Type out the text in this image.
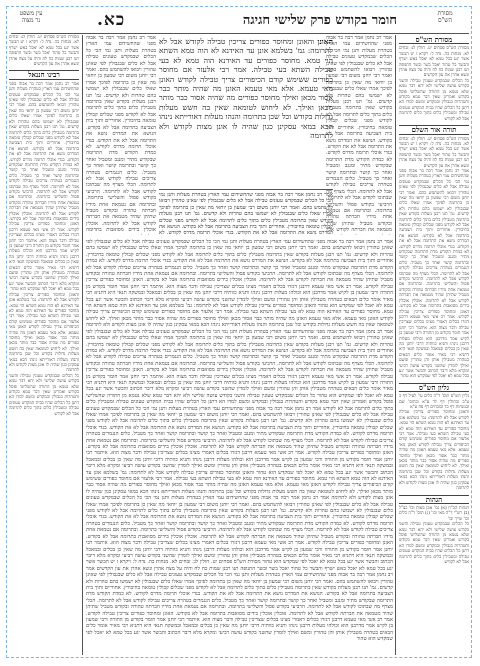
מסורת
הש"ס
עין משפט
נר מצוה	חומר בקודש פרק שלישי חגיגה
כא.
מסורת הש"ס
מסורת הש"ס פסחים יט. חולין לג: זבחים לא. מנחות כה. נדה ל: ויקרא ז יט הבשר אשר יגע בכל טמא לא יאכל באש ישרף והבשר כל טהור יאכל בשר ובשר התנופה תנו רבנן שמות כח לח והיה על מצח אהרן ונשא אהרן את עון הקדשים
כל הכלים שבמקדש טעונין טבילה והשני בקודש עושה שלישי ולא יהא דבר טמא שלא נטמא מן התורה שהשלישי פוסל בקודש ואמרינן שאין דבר טמא בקודש והטהרות בגבולין ובמקדש ומשם למדו הא דתנן כל הכלים שהיו בבית המקדש טעונים טבילה ומטבילין כלים בתוך כלים לתרומה אבל לא לקודש
תורה אור השלם
מסורת הש"ס פסחים יט. חולין לג: זבחים לא. מנחות כה. נדה ל: ויקרא ז יט הבשר אשר יגע בכל טמא לא יאכל באש ישרף והבשר כל טהור יאכל בשר ובשר התנופה תנו רבנן שמות כח לח והיה על מצח אהרן ונשא אהרן את עון הקדשים
אמר רב נחמן אמר רבה בר אבוה מפני שהחשידום עמי הארץ בטהרת מעלות ותנן נמי הכי כל הכלים שבמקדש טעונים טבילה אבל לא כלים שבגבולין לפי שאינן טהורין ויבואו להשתמש בהם. ואמר רבי יוחנן משום רבי שמעון בן יוחאי מה שאין כן בתרומה לפיכך אמרו שאלו כלים שבגבולין לא ישמשו בהם טהרות ולא קדשים. גמ' תנו רבנן מעלות בקודש שאין בתרומה מטבילין כלים בתוך כלים לתרומה אבל לא לקודש מפני שכלים קבולין טומאה בחיבורין. אחוריים ותוך בית הצביעה בתרומה אבל לא בקודש. הנושא את המדרס נושא את התרומה אבל לא את הקודש. בגדי אוכלי תרומה מדרס לקודש. לא כמדת הקודש מדת התרומה שבקודש מתיר ומנגב ומטביל ואחר כך קושר ובתרומה קושר ואחר כך מטביל. כלים הנגמרים בטהרה צריכים טבילה לקודש אבל לא לתרומה. הכלי מצרף מה שבתוכו לקודש אבל לא לתרומה. הרביעי בקודש פסול והשלישי בתרומה. ובתרומה אם נטמאת אחת מידיו חברתה טהורה ובקודש מטביל שתיהן שהיד מטמאה את חברתה לקודש אבל לא לתרומה. אוכלין אוכלין בידים מסואבות בתרומה אבל לא בקודש. האונן ומחוסר כפורים צריכין טבילה לקודש. אמר רב אשי מאי טעמא דרבנן דגזרו בכלים דאמרי מצינו בכלים שצריכין טבילה ודבר מצוה הוא. איתמר רבי יוחנן אמר חומר בקודש מן התורה ורבי שמעון בן לקיש אמר מדרבנן הוא וכולהו מעלות דרבנן נינהו ותניא כוותיה דרבי יוחנן מה שאין כן בכלים ובמאכל ובמשקה תנאי היא דתניא רבי מאיר אומר כלים הבאים בטהרה מטבילין אותן והן טהורין ומשם ואילך לומדין שהשני בקודש עושה רביעי ומקרא מלא דיבר הכתוב והבשר אשר יגע בכל טמא לא יאכל לפי שמקדש הוא טהור
גליון הש"ס
גליון הש"ס תוס' ד"ה כלים עי' לעיל דף כ ע"ב ובחולין דף לד ע"א ובתוס' שם ובמנחות דף כד ובזבחים דף פח ע"א
והאונן ומחוסר כפורים צריכין טבילה לקודש אבל לא לתרומה: גמ' בשלמא אונן עד האידנא לא הוה טמא השתא הוי טמא. מחוסר כפורים עד האידנא הוה טמא לא בעי טבילה השתא בעי טבילה. אמר רבי אלעזר אם מחוסר כפורים ששימש קודם הכיפורים צריך טבילה לקודש האונן מאי טעמא. אלא מאי טעמא האונן מה שהיה מותר כבר אסור מכאן ואילך מחוסר כפורים מה שהיה אסור כבר מותר מכאן ואילך. לא ליחוש לטומאה שאין בה חשש מעלות גדולות בקודש וכל שכן בתרומה והנהו מעלות דאורייתא נינהו הכא במאי עסקינן כגון שהיה לו אונן מצות לקודש ולא לתרומה
הגהות
הגהות הב"ח (א) גמ' אונן מצות וכו' כצ"ל (ב) רש"י ד"ה מאי וכו' (ג) תוס' ד"ה כלים וכו' שייך וכו'
כל הכלים שבמקדש טעונין טבילה והשני בקודש עושה שלישי ולא יהא דבר טמא שלא נטמא מן התורה שהשלישי פוסל בקודש ואמרינן שאין דבר טמא בקודש והטהרות בגבולין ובמקדש ומשם למדו הא דתנן כל הכלים שהיו בבית המקדש טעונים טבילה ומטבילין כלים בתוך כלים לתרומה אבל לא לקודש
מסורת הש"ס פסחים יט. חולין לג: זבחים לא. מנחות כה. נדה ל: ויקרא ז יט הבשר אשר יגע בכל טמא לא יאכל באש ישרף והבשר כל טהור יאכל בשר ובשר התנופה תנו רבנן שמות כח לח והיה על מצח אהרן ונשא אהרן את עון הקדשים
רבינו חננאל
אמר רב נחמן אמר רבה בר אבוה מפני שהחשידום עמי הארץ בטהרת מעלות ותנן נמי הכי כל הכלים שבמקדש טעונים טבילה אבל לא כלים שבגבולין לפי שאינן טהורין ויבואו להשתמש בהם. ואמר רבי יוחנן משום רבי שמעון בן יוחאי מה שאין כן בתרומה לפיכך אמרו שאלו כלים שבגבולין לא ישמשו בהם טהרות ולא קדשים. גמ' תנו רבנן מעלות בקודש שאין בתרומה מטבילין כלים בתוך כלים לתרומה אבל לא לקודש מפני שכלים קבולין טומאה בחיבורין. אחוריים ותוך בית הצביעה בתרומה אבל לא בקודש. הנושא את המדרס נושא את התרומה אבל לא את הקודש. בגדי אוכלי תרומה מדרס לקודש. לא כמדת הקודש מדת התרומה שבקודש מתיר ומנגב ומטביל ואחר כך קושר ובתרומה קושר ואחר כך מטביל. כלים הנגמרים בטהרה צריכים טבילה לקודש אבל לא לתרומה. הכלי מצרף מה שבתוכו לקודש אבל לא לתרומה. הרביעי בקודש פסול והשלישי בתרומה. ובתרומה אם נטמאת אחת מידיו חברתה טהורה ובקודש מטביל שתיהן שהיד מטמאה את חברתה לקודש אבל לא לתרומה. אוכלין אוכלין בידים מסואבות בתרומה אבל לא בקודש. האונן ומחוסר כפורים צריכין טבילה לקודש. אמר רב אשי מאי טעמא דרבנן דגזרו בכלים דאמרי מצינו בכלים שצריכין טבילה ודבר מצוה הוא. איתמר רבי יוחנן אמר חומר בקודש מן התורה ורבי שמעון בן לקיש אמר מדרבנן הוא וכולהו מעלות דרבנן נינהו ותניא כוותיה דרבי יוחנן מה שאין כן בכלים ובמאכל ובמשקה תנאי היא דתניא רבי מאיר אומר כלים הבאים בטהרה מטבילין אותן והן טהורין ומשם ואילך לומדין שהשני בקודש עושה רביעי ומקרא מלא דיבר הכתוב והבשר אשר יגע בכל טמא לא יאכל לפי שמקדש הוא טהור
והאונן ומחוסר כפורים צריכין טבילה לקודש אבל לא לתרומה: גמ' בשלמא אונן עד האידנא לא הוה טמא השתא הוי טמא. מחוסר כפורים עד האידנא הוה טמא לא בעי טבילה השתא בעי טבילה. אמר רבי אלעזר אם מחוסר כפורים ששימש קודם הכיפורים צריך טבילה לקודש האונן מאי טעמא. אלא מאי טעמא האונן מה שהיה מותר כבר אסור מכאן ואילך מחוסר כפורים מה שהיה אסור כבר מותר מכאן ואילך. לא ליחוש לטומאה שאין בה חשש מעלות גדולות בקודש וכל שכן בתרומה והנהו מעלות דאורייתא נינהו הכא במאי עסקינן כגון שהיה לו אונן מצות לקודש ולא לתרומה
כל הכלים שבמקדש טעונין טבילה והשני בקודש עושה שלישי ולא יהא דבר טמא שלא נטמא מן התורה שהשלישי פוסל בקודש ואמרינן שאין דבר טמא בקודש והטהרות בגבולין ובמקדש ומשם למדו הא דתנן כל הכלים שהיו בבית המקדש טעונים טבילה ומטבילין כלים בתוך כלים לתרומה אבל לא לקודש
אמר רב נחמן אמר רבה בר אבוה מפני שהחשידום עמי הארץ בטהרת מעלות ותנן נמי הכי כל הכלים שבמקדש טעונים טבילה אבל לא כלים שבגבולין לפי שאינן טהורין ויבואו להשתמש בהם. ואמר רבי יוחנן משום רבי שמעון בן יוחאי מה שאין כן בתרומה לפיכך אמרו שאלו כלים שבגבולין לא ישמשו בהם טהרות ולא קדשים. גמ' תנו רבנן מעלות בקודש שאין בתרומה מטבילין כלים בתוך כלים לתרומה אבל לא לקודש מפני שכלים קבולין טומאה בחיבורין. אחוריים ותוך בית הצביעה בתרומה אבל לא בקודש. הנושא את המדרס נושא את התרומה אבל לא את הקודש. בגדי אוכלי תרומה מדרס לקודש. לא כמדת הקודש מדת התרומה שבקודש מתיר ומנגב ומטביל ואחר כך קושר ובתרומה קושר ואחר כך מטביל. כלים הנגמרים בטהרה צריכים טבילה לקודש אבל לא לתרומה. הכלי מצרף מה שבתוכו לקודש אבל לא לתרומה. הרביעי בקודש פסול והשלישי בתרומה. ובתרומה אם נטמאת אחת מידיו חברתה טהורה ובקודש מטביל שתיהן שהיד מטמאה את חברתה לקודש אבל
אמר רב נחמן אמר רבה בר אבוה מפני שהחשידום עמי הארץ בטהרת מעלות ותנן נמי הכי כל הכלים שבמקדש טעונים טבילה אבל לא כלים שבגבולין לפי שאינן טהורין ויבואו להשתמש בהם. ואמר רבי יוחנן משום רבי שמעון בן יוחאי מה שאין כן בתרומה לפיכך אמרו שאלו כלים שבגבולין לא ישמשו בהם טהרות ולא קדשים. גמ' תנו רבנן מעלות בקודש שאין בתרומה מטבילין כלים בתוך כלים לתרומה אבל לא לקודש מפני שכלים קבולין טומאה בחיבורין. אחוריים ותוך בית הצביעה בתרומה אבל לא בקודש. הנושא את המדרס נושא את התרומה אבל לא את הקודש. בגדי אוכלי תרומה מדרס לקודש. לא כמדת הקודש מדת התרומה שבקודש מתיר ומנגב ומטביל ואחר כך קושר ובתרומה קושר ואחר כך מטביל. כלים הנגמרים בטהרה צריכים טבילה לקודש אבל לא לתרומה. הכלי מצרף מה שבתוכו לקודש אבל לא לתרומה. הרביעי בקודש פסול והשלישי בתרומה. ובתרומה אם נטמאת אחת מידיו חברתה טהורה ובקודש מטביל שתיהן שהיד מטמאה את חברתה לקודש אבל לא לתרומה. אוכלין אוכלין בידים מסואבות בתרומה
האונן והאונן ומחוסר כפורים צריכין טבילה לקודש אבל לא לתרומה: גמ' בשלמא אונן עד האידנא לא הוה טמא השתא הוי טמא. מחוסר כפורים עד האידנא הוה טמא לא בעי טבילה השתא בעי טבילה. אמר רבי אלעזר אם מחוסר כפורים ששימש קודם הכיפורים צריך טבילה לקודש האונן מאי טעמא. אלא מאי טעמא האונן מה שהיה מותר כבר אסור מכאן ואילך מחוסר כפורים מה שהיה אסור כבר מותר מכאן ואילך. לא ליחוש לטומאה שאין בה חשש מעלות גדולות בקודש וכל שכן בתרומה והנהו מעלות דאורייתא נינהו הכא במאי עסקינן כגון שהיה לו אונן מצות לקודש ולא לתרומה
אמר רב נחמן אמר רבה בר אבוה מפני שהחשידום עמי הארץ בטהרת מעלות ותנן נמי הכי כל הכלים שבמקדש טעונים טבילה אבל לא כלים שבגבולין לפי שאינן טהורין ויבואו להשתמש בהם. ואמר רבי יוחנן משום רבי שמעון בן יוחאי מה שאין כן בתרומה לפיכך אמרו שאלו כלים שבגבולין לא ישמשו בהם טהרות ולא קדשים. גמ' תנו רבנן מעלות בקודש שאין בתרומה מטבילין כלים בתוך כלים לתרומה אבל לא לקודש מפני שכלים קבולין טומאה בחיבורין. אחוריים ותוך בית הצביעה בתרומה אבל לא בקודש. הנושא את המדרס נושא את התרומה אבל לא את הקודש. בגדי אוכלי תרומה מדרס לקודש. לא
אמר רב נחמן אמר רבה בר אבוה מפני שהחשידום עמי הארץ בטהרת מעלות ותנן נמי הכי כל הכלים שבמקדש טעונים טבילה אבל לא כלים שבגבולין לפי שאינן טהורין ויבואו להשתמש בהם. ואמר רבי יוחנן משום רבי שמעון בן יוחאי מה שאין כן בתרומה לפיכך אמרו שאלו כלים שבגבולין לא ישמשו בהם טהרות ולא קדשים. גמ' תנו רבנן מעלות בקודש שאין בתרומה מטבילין כלים בתוך כלים לתרומה אבל לא לקודש מפני שכלים קבולין טומאה בחיבורין. אחוריים ותוך בית הצביעה בתרומה אבל לא בקודש. הנושא את המדרס נושא את התרומה אבל לא את הקודש. בגדי אוכלי תרומה מדרס לקודש. לא כמדת הקודש מדת התרומה שבקודש מתיר ומנגב ומטביל ואחר כך קושר ובתרומה קושר ואחר כך מטביל. כלים הנגמרים בטהרה צריכים טבילה לקודש אבל לא לתרומה. הכלי מצרף מה שבתוכו לקודש אבל לא לתרומה. הרביעי בקודש פסול והשלישי בתרומה. ובתרומה אם נטמאת אחת מידיו חברתה טהורה ובקודש מטביל שתיהן שהיד מטמאה את חברתה לקודש אבל לא לתרומה. אוכלין אוכלין בידים מסואבות בתרומה אבל לא בקודש. האונן ומחוסר כפורים צריכין טבילה לקודש. אמר רב אשי מאי טעמא דרבנן דגזרו בכלים דאמרי מצינו בכלים שצריכין טבילה ודבר מצוה הוא. איתמר רבי יוחנן אמר חומר בקודש מן התורה ורבי שמעון בן לקיש אמר מדרבנן הוא וכולהו מעלות דרבנן נינהו ותניא כוותיה דרבי יוחנן מה שאין כן בכלים ובמאכל ובמשקה תנאי היא דתניא רבי מאיר אומר כלים הבאים בטהרה מטבילין אותן והן טהורין ומשם ואילך לומדין שהשני בקודש עושה רביעי ומקרא מלא דיבר הכתוב והבשר אשר יגע בכל טמא לא יאכל לפי שמקדש הוא טהור והאונן ומחוסר כפורים צריכין טבילה לקודש אבל לא לתרומה: גמ' בשלמא אונן עד האידנא לא הוה טמא השתא הוי טמא. מחוסר כפורים עד האידנא הוה טמא לא בעי טבילה השתא בעי טבילה. אמר רבי אלעזר אם מחוסר כפורים ששימש קודם הכיפורים צריך טבילה לקודש האונן מאי טעמא. אלא מאי טעמא האונן מה שהיה מותר כבר אסור מכאן ואילך מחוסר כפורים מה שהיה אסור כבר מותר מכאן ואילך. לא ליחוש לטומאה שאין בה חשש מעלות גדולות בקודש וכל שכן בתרומה והנהו מעלות דאורייתא נינהו הכא במאי עסקינן כגון שהיה לו אונן מצות לקודש ולא לתרומה אמר רב נחמן אמר רבה בר אבוה מפני שהחשידום עמי הארץ בטהרת מעלות ותנן נמי הכי כל הכלים שבמקדש טעונים טבילה אבל לא כלים שבגבולין לפי שאינן טהורין ויבואו להשתמש בהם. ואמר רבי יוחנן משום רבי שמעון בן יוחאי מה שאין כן בתרומה לפיכך אמרו שאלו כלים שבגבולין לא ישמשו בהם טהרות ולא קדשים. גמ' תנו רבנן מעלות בקודש שאין בתרומה מטבילין כלים בתוך כלים לתרומה אבל לא לקודש מפני שכלים קבולין טומאה בחיבורין. אחוריים ותוך בית הצביעה בתרומה אבל לא בקודש. הנושא את המדרס נושא את התרומה אבל לא את הקודש. בגדי אוכלי תרומה מדרס לקודש. לא כמדת הקודש מדת התרומה שבקודש מתיר ומנגב ומטביל ואחר כך קושר ובתרומה קושר ואחר כך מטביל. כלים הנגמרים בטהרה צריכים טבילה לקודש אבל לא לתרומה. הכלי מצרף מה שבתוכו לקודש אבל לא לתרומה. הרביעי בקודש פסול והשלישי בתרומה. ובתרומה אם נטמאת אחת מידיו חברתה טהורה ובקודש מטביל שתיהן שהיד מטמאה את חברתה לקודש אבל לא לתרומה. אוכלין אוכלין בידים מסואבות בתרומה אבל לא בקודש. האונן ומחוסר כפורים צריכין טבילה לקודש. אמר רב אשי מאי טעמא דרבנן דגזרו בכלים דאמרי מצינו בכלים שצריכין טבילה ודבר מצוה הוא. איתמר רבי יוחנן אמר חומר בקודש מן התורה ורבי שמעון בן לקיש אמר מדרבנן הוא וכולהו מעלות דרבנן נינהו ותניא כוותיה דרבי יוחנן מה שאין כן בכלים ובמאכל ובמשקה תנאי היא דתניא רבי מאיר אומר כלים הבאים בטהרה מטבילין אותן והן טהורין ומשם ואילך לומדין שהשני בקודש עושה רביעי ומקרא מלא דיבר הכתוב והבשר אשר יגע בכל טמא לא יאכל לפי שמקדש הוא טהור כל הכלים שבמקדש טעונין טבילה והשני בקודש עושה שלישי ולא יהא דבר טמא שלא נטמא מן התורה שהשלישי פוסל בקודש ואמרינן שאין דבר טמא בקודש והטהרות בגבולין ובמקדש ומשם למדו הא דתנן כל הכלים שהיו בבית המקדש טעונים טבילה ומטבילין כלים בתוך כלים לתרומה אבל לא לקודש אמר רב נחמן אמר רבה בר אבוה מפני שהחשידום עמי הארץ בטהרת מעלות ותנן נמי הכי כל הכלים שבמקדש טעונים טבילה אבל לא כלים שבגבולין לפי שאינן טהורין ויבואו להשתמש בהם. ואמר רבי יוחנן משום רבי שמעון בן יוחאי מה שאין כן בתרומה לפיכך אמרו שאלו כלים שבגבולין לא ישמשו בהם טהרות ולא קדשים. גמ' תנו רבנן מעלות בקודש שאין בתרומה מטבילין כלים בתוך כלים לתרומה אבל לא לקודש מפני שכלים קבולין טומאה בחיבורין. אחוריים ותוך בית הצביעה בתרומה אבל לא בקודש. הנושא את המדרס נושא את התרומה אבל לא את הקודש. בגדי אוכלי תרומה מדרס לקודש. לא כמדת הקודש מדת התרומה שבקודש מתיר ומנגב ומטביל ואחר כך קושר ובתרומה קושר ואחר כך מטביל. כלים הנגמרים בטהרה צריכים טבילה לקודש אבל לא לתרומה. הכלי מצרף מה שבתוכו לקודש אבל לא לתרומה. הרביעי בקודש פסול והשלישי בתרומה. ובתרומה אם נטמאת אחת מידיו חברתה טהורה ובקודש מטביל שתיהן שהיד מטמאה את חברתה לקודש אבל לא לתרומה. אוכלין אוכלין בידים מסואבות בתרומה אבל לא בקודש. האונן ומחוסר כפורים צריכין טבילה לקודש. אמר רב אשי מאי טעמא דרבנן דגזרו בכלים דאמרי מצינו בכלים שצריכין טבילה ודבר מצוה הוא. איתמר רבי יוחנן אמר חומר בקודש מן התורה ורבי שמעון בן לקיש אמר מדרבנן הוא וכולהו מעלות דרבנן נינהו ותניא כוותיה דרבי יוחנן מה שאין כן בכלים ובמאכל ובמשקה תנאי היא דתניא רבי מאיר אומר כלים הבאים בטהרה מטבילין אותן והן טהורין ומשם ואילך לומדין שהשני בקודש עושה רביעי ומקרא מלא דיבר הכתוב והבשר אשר יגע בכל טמא לא יאכל לפי שמקדש הוא טהור והאונן ומחוסר כפורים צריכין טבילה לקודש אבל לא לתרומה: גמ' בשלמא אונן עד האידנא לא הוה טמא השתא הוי טמא. מחוסר כפורים עד האידנא הוה טמא לא בעי טבילה השתא בעי טבילה. אמר רבי אלעזר אם מחוסר כפורים ששימש קודם הכיפורים צריך טבילה לקודש האונן מאי טעמא. אלא מאי טעמא האונן מה שהיה מותר כבר אסור מכאן ואילך מחוסר כפורים מה שהיה אסור כבר מותר מכאן ואילך. לא ליחוש לטומאה שאין בה חשש מעלות גדולות בקודש וכל שכן בתרומה והנהו מעלות דאורייתא נינהו הכא במאי עסקינן כגון שהיה לו אונן מצות לקודש ולא לתרומה אמר רב נחמן אמר רבה בר אבוה מפני שהחשידום עמי הארץ בטהרת מעלות ותנן נמי הכי כל הכלים שבמקדש טעונים טבילה אבל לא כלים שבגבולין לפי שאינן טהורין ויבואו להשתמש בהם. ואמר רבי יוחנן משום רבי שמעון בן יוחאי מה שאין כן בתרומה לפיכך אמרו שאלו כלים שבגבולין לא ישמשו בהם טהרות ולא קדשים. גמ' תנו רבנן מעלות בקודש שאין בתרומה מטבילין כלים בתוך כלים לתרומה אבל לא לקודש מפני שכלים קבולין טומאה בחיבורין. אחוריים ותוך בית הצביעה בתרומה אבל לא בקודש. הנושא את המדרס נושא את התרומה אבל לא את הקודש. בגדי אוכלי תרומה מדרס לקודש. לא כמדת הקודש מדת התרומה שבקודש מתיר ומנגב ומטביל ואחר כך קושר ובתרומה קושר ואחר כך מטביל. כלים הנגמרים בטהרה צריכים טבילה לקודש אבל לא לתרומה. הכלי מצרף מה שבתוכו לקודש אבל לא לתרומה. הרביעי בקודש פסול והשלישי בתרומה. ובתרומה אם נטמאת אחת מידיו חברתה טהורה ובקודש מטביל שתיהן שהיד מטמאה את חברתה לקודש אבל לא לתרומה. אוכלין אוכלין בידים מסואבות בתרומה אבל לא בקודש. האונן ומחוסר כפורים צריכין טבילה לקודש. אמר רב אשי מאי טעמא דרבנן דגזרו בכלים דאמרי מצינו בכלים שצריכין טבילה ודבר מצוה הוא. איתמר רבי יוחנן אמר חומר בקודש מן התורה ורבי שמעון בן לקיש אמר מדרבנן הוא וכולהו מעלות דרבנן נינהו ותניא כוותיה דרבי יוחנן מה שאין כן בכלים ובמאכל ובמשקה תנאי היא דתניא רבי מאיר אומר כלים הבאים בטהרה מטבילין אותן והן טהורין ומשם ואילך לומדין שהשני בקודש עושה רביעי ומקרא מלא דיבר הכתוב והבשר אשר יגע בכל טמא לא יאכל לפי שמקדש הוא טהור מסורת הש"ס פסחים יט. חולין לג: זבחים לא. מנחות כה. נדה ל: ויקרא ז יט הבשר אשר יגע בכל טמא לא יאכל באש ישרף והבשר כל טהור יאכל בשר ובשר התנופה תנו רבנן שמות כח לח והיה על מצח אהרן ונשא אהרן את עון הקדשים אמר רב נחמן אמר רבה בר אבוה מפני שהחשידום עמי הארץ בטהרת מעלות ותנן נמי הכי כל הכלים שבמקדש טעונים טבילה אבל לא כלים שבגבולין לפי שאינן טהורין ויבואו להשתמש בהם. ואמר רבי יוחנן משום רבי שמעון בן יוחאי מה שאין כן בתרומה לפיכך אמרו שאלו כלים שבגבולין לא ישמשו בהם טהרות ולא קדשים. גמ' תנו רבנן מעלות בקודש שאין בתרומה מטבילין כלים בתוך כלים לתרומה אבל לא לקודש מפני שכלים קבולין טומאה בחיבורין. אחוריים ותוך בית הצביעה בתרומה אבל לא בקודש. הנושא את המדרס נושא את התרומה אבל לא את הקודש. בגדי אוכלי תרומה מדרס לקודש. לא כמדת הקודש מדת התרומה שבקודש מתיר ומנגב ומטביל ואחר כך קושר ובתרומה קושר ואחר כך מטביל. כלים הנגמרים בטהרה צריכים טבילה לקודש אבל לא לתרומה. הכלי מצרף מה שבתוכו לקודש אבל לא לתרומה. הרביעי בקודש פסול והשלישי בתרומה. ובתרומה אם נטמאת אחת מידיו חברתה טהורה ובקודש מטביל שתיהן שהיד מטמאה את חברתה לקודש אבל לא לתרומה. אוכלין אוכלין בידים מסואבות בתרומה אבל לא בקודש. האונן ומחוסר כפורים צריכין טבילה לקודש. אמר רב אשי מאי טעמא דרבנן דגזרו בכלים דאמרי מצינו בכלים שצריכין טבילה ודבר מצוה הוא. איתמר רבי יוחנן אמר חומר בקודש מן התורה ורבי שמעון בן לקיש אמר מדרבנן הוא וכולהו מעלות דרבנן נינהו ותניא כוותיה דרבי יוחנן מה שאין כן בכלים ובמאכל ובמשקה תנאי היא דתניא רבי מאיר אומר כלים הבאים בטהרה מטבילין אותן והן טהורין ומשם ואילך לומדין שהשני בקודש עושה רביעי ומקרא מלא דיבר הכתוב והבשר אשר יגע בכל טמא לא יאכל לפי שמקדש הוא טהור
